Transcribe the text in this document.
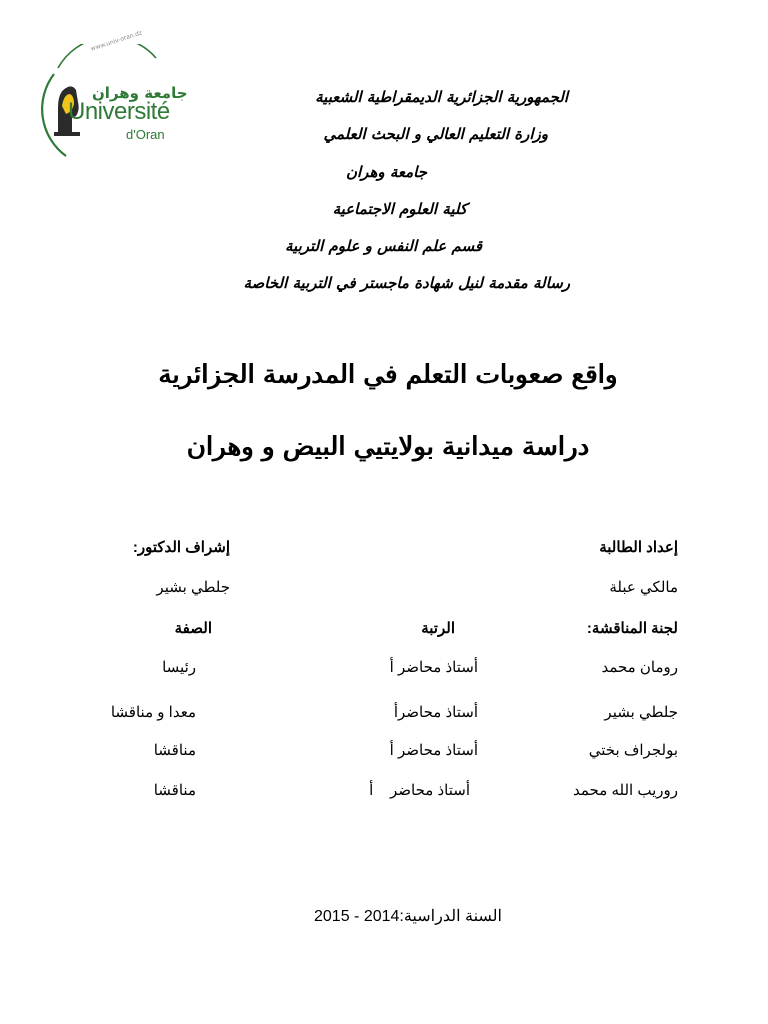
www.univ-oran.dz
جامعة وهران
Université
d'Oran
الجمهورية الجزائرية الديمقراطية الشعبية
وزارة التعليم العالي و البحث العلمي
جامعة وهران
كلية العلوم الاجتماعية
قسم علم النفس و علوم التربية
رسالة مقدمة لنيل شهادة ماجستر في التربية الخاصة
واقع صعوبات التعلم في المدرسة الجزائرية
دراسة ميدانية بولايتيي البيض و وهران
إعداد الطالبة
إشراف الدكتور:
مالكي عبلة
جلطي بشير
لجنة المناقشة:
الرتبة
الصفة
رومان محمد
أستاذ محاضر أ
رئيسا
جلطي بشير
أستاذ محاضرأ
معدا و مناقشا
بولجراف بختي
أستاذ محاضر أ
مناقشا
روريب الله محمد
أستاذ محاضر    أ
مناقشا
السنة الدراسية:2014 - 2015
